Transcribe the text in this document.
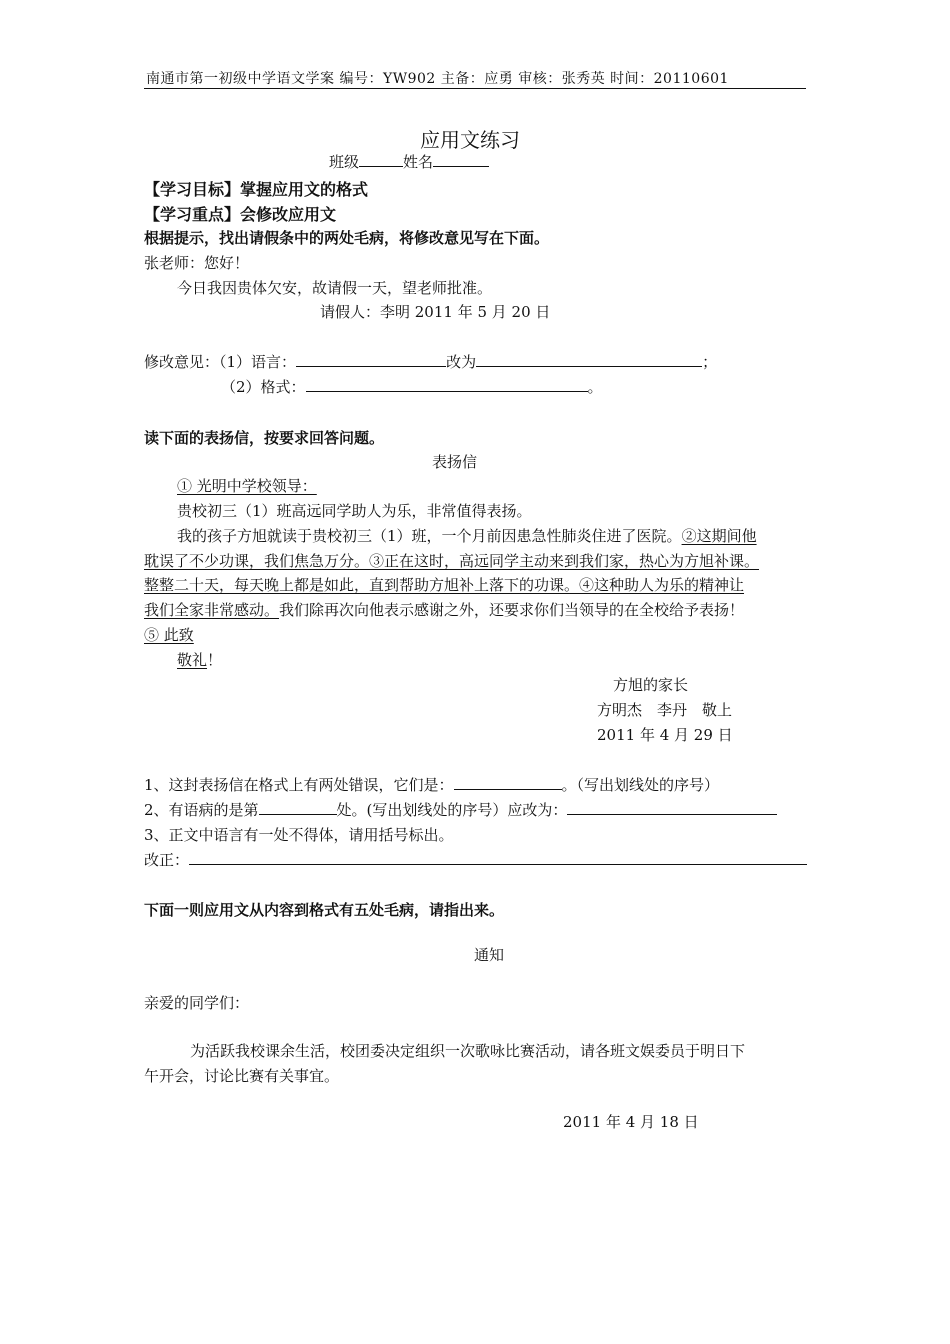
南通市第一初级中学语文学案 编号：YW902 主备：应勇 审核：张秀英 时间：20110601
应用文练习
班级	姓名
【学习目标】掌握应用文的格式
【学习重点】会修改应用文
根据提示，找出请假条中的两处毛病，将修改意见写在下面。
张老师：您好！
今日我因贵体欠安，故请假一天，望老师批准。
请假人：李明 2011 年 5 月 20 日
修改意见：（1）语言：	改为	；
（2）格式：	。
读下面的表扬信，按要求回答问题。
表扬信
① 光明中学校领导：
贵校初三（1）班高远同学助人为乐，非常值得表扬。
我的孩子方旭就读于贵校初三（1）班，一个月前因患急性肺炎住进了医院。②这期间他
耽误了不少功课，我们焦急万分。③正在这时，高远同学主动来到我们家，热心为方旭补课。
整整二十天，每天晚上都是如此，直到帮助方旭补上落下的功课。④这种助人为乐的精神让
我们全家非常感动。我们除再次向他表示感谢之外，还要求你们当领导的在全校给予表扬！
⑤ 此致
敬礼！
方旭的家长
方明杰　李丹　敬上
2011 年 4 月 29 日
1、这封表扬信在格式上有两处错误，它们是：	。（写出划线处的序号）
2、有语病的是第	处。(写出划线处的序号）应改为：
3、正文中语言有一处不得体，请用括号标出。
改正：
下面一则应用文从内容到格式有五处毛病，请指出来。
通知
亲爱的同学们：
为活跃我校课余生活，校团委决定组织一次歌咏比赛活动，请各班文娱委员于明日下
午开会，讨论比赛有关事宜。
2011 年 4 月 18 日
